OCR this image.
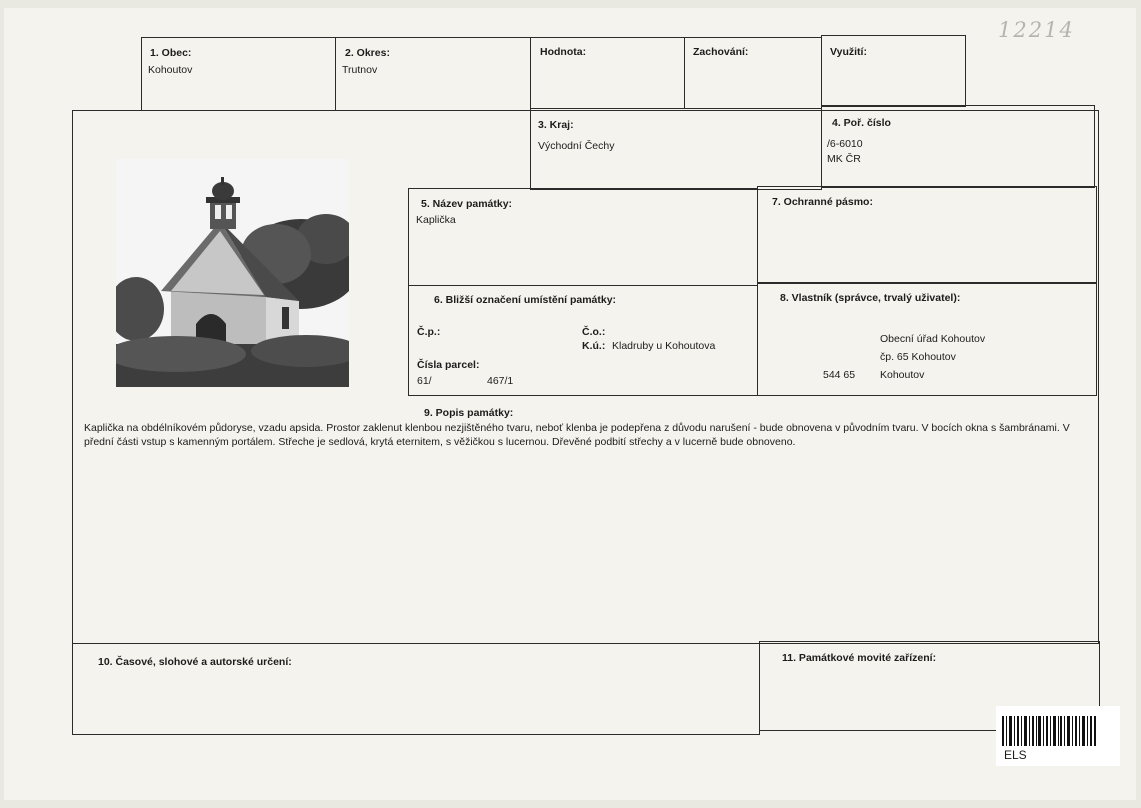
12214
1. Obec:
Kohoutov
2. Okres:
Trutnov
Hodnota:	Zachování:	Využití:
3. Kraj:
Východní Čechy
4. Poř. číslo
/6-6010
MK ČR
5. Název památky:
Kaplička
7. Ochranné pásmo:
6. Bližší označení umístění památky:
Č.p.:	Č.o.:
K.ú.: Kladruby u Kohoutova
Čísla parcel:
61/	467/1
8. Vlastník (správce, trvalý uživatel):
Obecní úřad Kohoutov
čp. 65 Kohoutov
544 65 Kohoutov
9. Popis památky:
Kaplička na obdélníkovém půdoryse, vzadu apsida. Prostor zaklenut klenbou nezjištěného tvaru, neboť klenba je podepřena z důvodu narušení - bude obnovena v původním tvaru. V bocích okna s šambránami. V přední části vstup s kamenným portálem. Střeche je sedlová, krytá eternitem, s věžičkou s lucernou. Dřevěné podbití střechy a v lucerně bude obnoveno.
10. Časové, slohové a autorské určení:	11. Památkové movité zařízení:
ELS
